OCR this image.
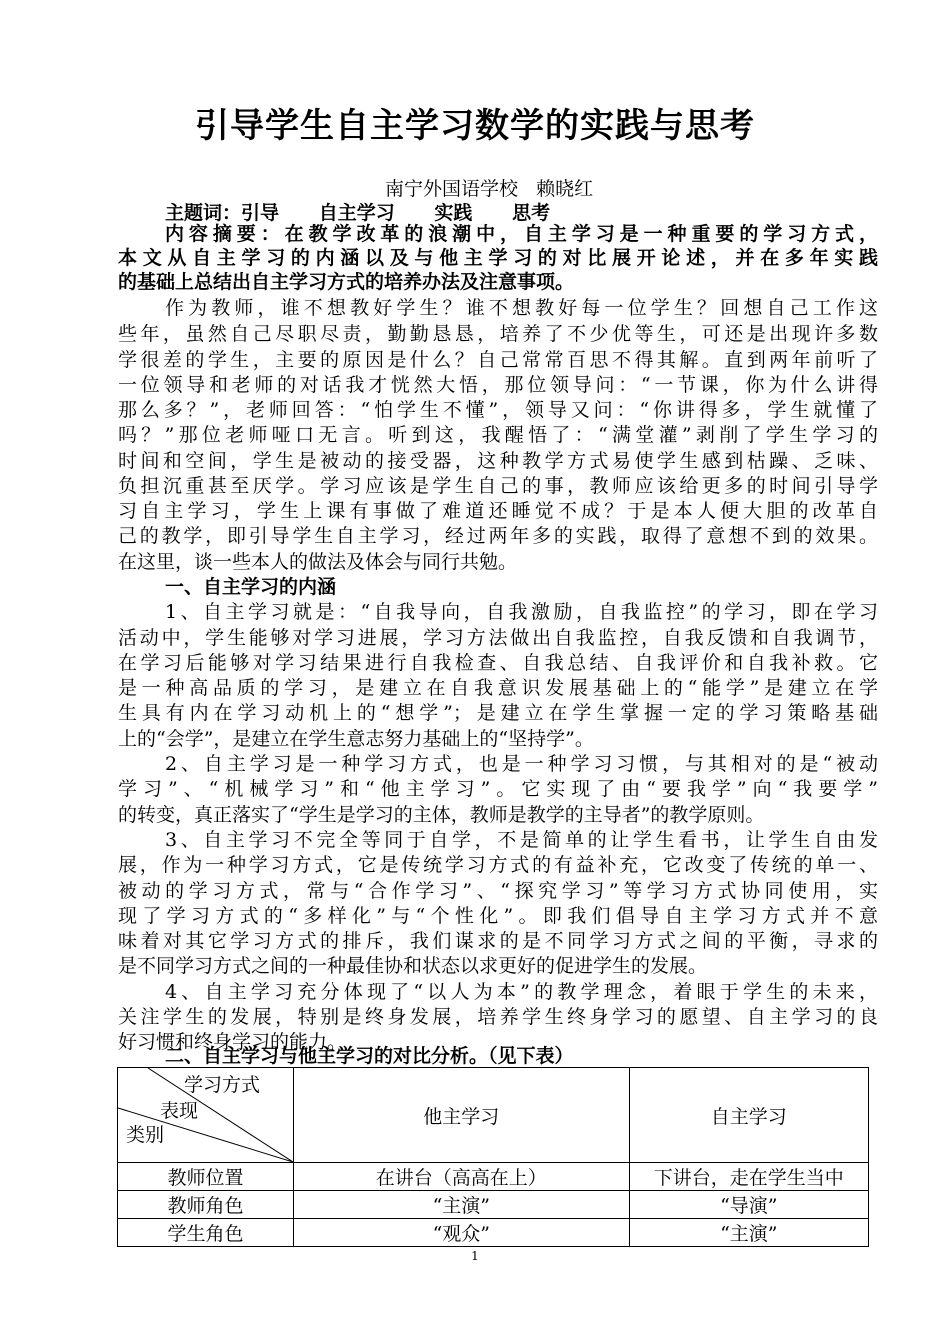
引导学生自主学习数学的实践与思考
南宁外国语学校   赖晓红
主题词：引导      自主学习      实践      思考
内容摘要：在教学改革的浪潮中，自主学习是一种重要的学习方式，
本文从自主学习的内涵以及与他主学习的对比展开论述，并在多年实践
的基础上总结出自主学习方式的培养办法及注意事项。
作为教师，谁不想教好学生？谁不想教好每一位学生？回想自己工作这
些年，虽然自己尽职尽责，勤勤恳恳，培养了不少优等生，可还是出现许多数
学很差的学生，主要的原因是什么？自己常常百思不得其解。直到两年前听了
一位领导和老师的对话我才恍然大悟，那位领导问：“一节课，你为什么讲得
那么多？”，老师回答：“怕学生不懂”，领导又问：“你讲得多，学生就懂了
吗？”那位老师哑口无言。听到这，我醒悟了：“满堂灌”剥削了学生学习的
时间和空间，学生是被动的接受器，这种教学方式易使学生感到枯躁、乏味、
负担沉重甚至厌学。学习应该是学生自己的事，教师应该给更多的时间引导学
习自主学习，学生上课有事做了难道还睡觉不成？于是本人便大胆的改革自
己的教学，即引导学生自主学习，经过两年多的实践，取得了意想不到的效果。
在这里，谈一些本人的做法及体会与同行共勉。
一、自主学习的内涵
1、自主学习就是：“自我导向，自我激励，自我监控”的学习，即在学习
活动中，学生能够对学习进展，学习方法做出自我监控，自我反馈和自我调节，
在学习后能够对学习结果进行自我检查、自我总结、自我评价和自我补救。它
是一种高品质的学习，是建立在自我意识发展基础上的“能学”是建立在学
生具有内在学习动机上的“想学”；是建立在学生掌握一定的学习策略基础
上的“会学”，是建立在学生意志努力基础上的“坚持学”。
2、自主学习是一种学习方式，也是一种学习习惯，与其相对的是“被动
学习”、“机械学习”和“他主学习”。它实现了由“要我学”向“我要学”
的转变，真正落实了“学生是学习的主体，教师是教学的主导者”的教学原则。
3、自主学习不完全等同于自学，不是简单的让学生看书，让学生自由发
展，作为一种学习方式，它是传统学习方式的有益补充，它改变了传统的单一、
被动的学习方式，常与“合作学习”、“探究学习”等学习方式协同使用，实
现了学习方式的“多样化”与“个性化”。即我们倡导自主学习方式并不意
味着对其它学习方式的排斥，我们谋求的是不同学习方式之间的平衡，寻求的
是不同学习方式之间的一种最佳协和状态以求更好的促进学生的发展。
4、自主学习充分体现了“以人为本”的教学理念，着眼于学生的未来，
关注学生的发展，特别是终身发展，培养学生终身学习的愿望、自主学习的良
好习惯和终身学习的能力。
二、自主学习与他主学习的对比分析。（见下表）
学习方式
表现
类别	他主学习	自主学习
教师位置	在讲台（高高在上）	下讲台，走在学生当中
教师角色	“主演”	“导演”
学生角色	“观众”	“主演”
1
